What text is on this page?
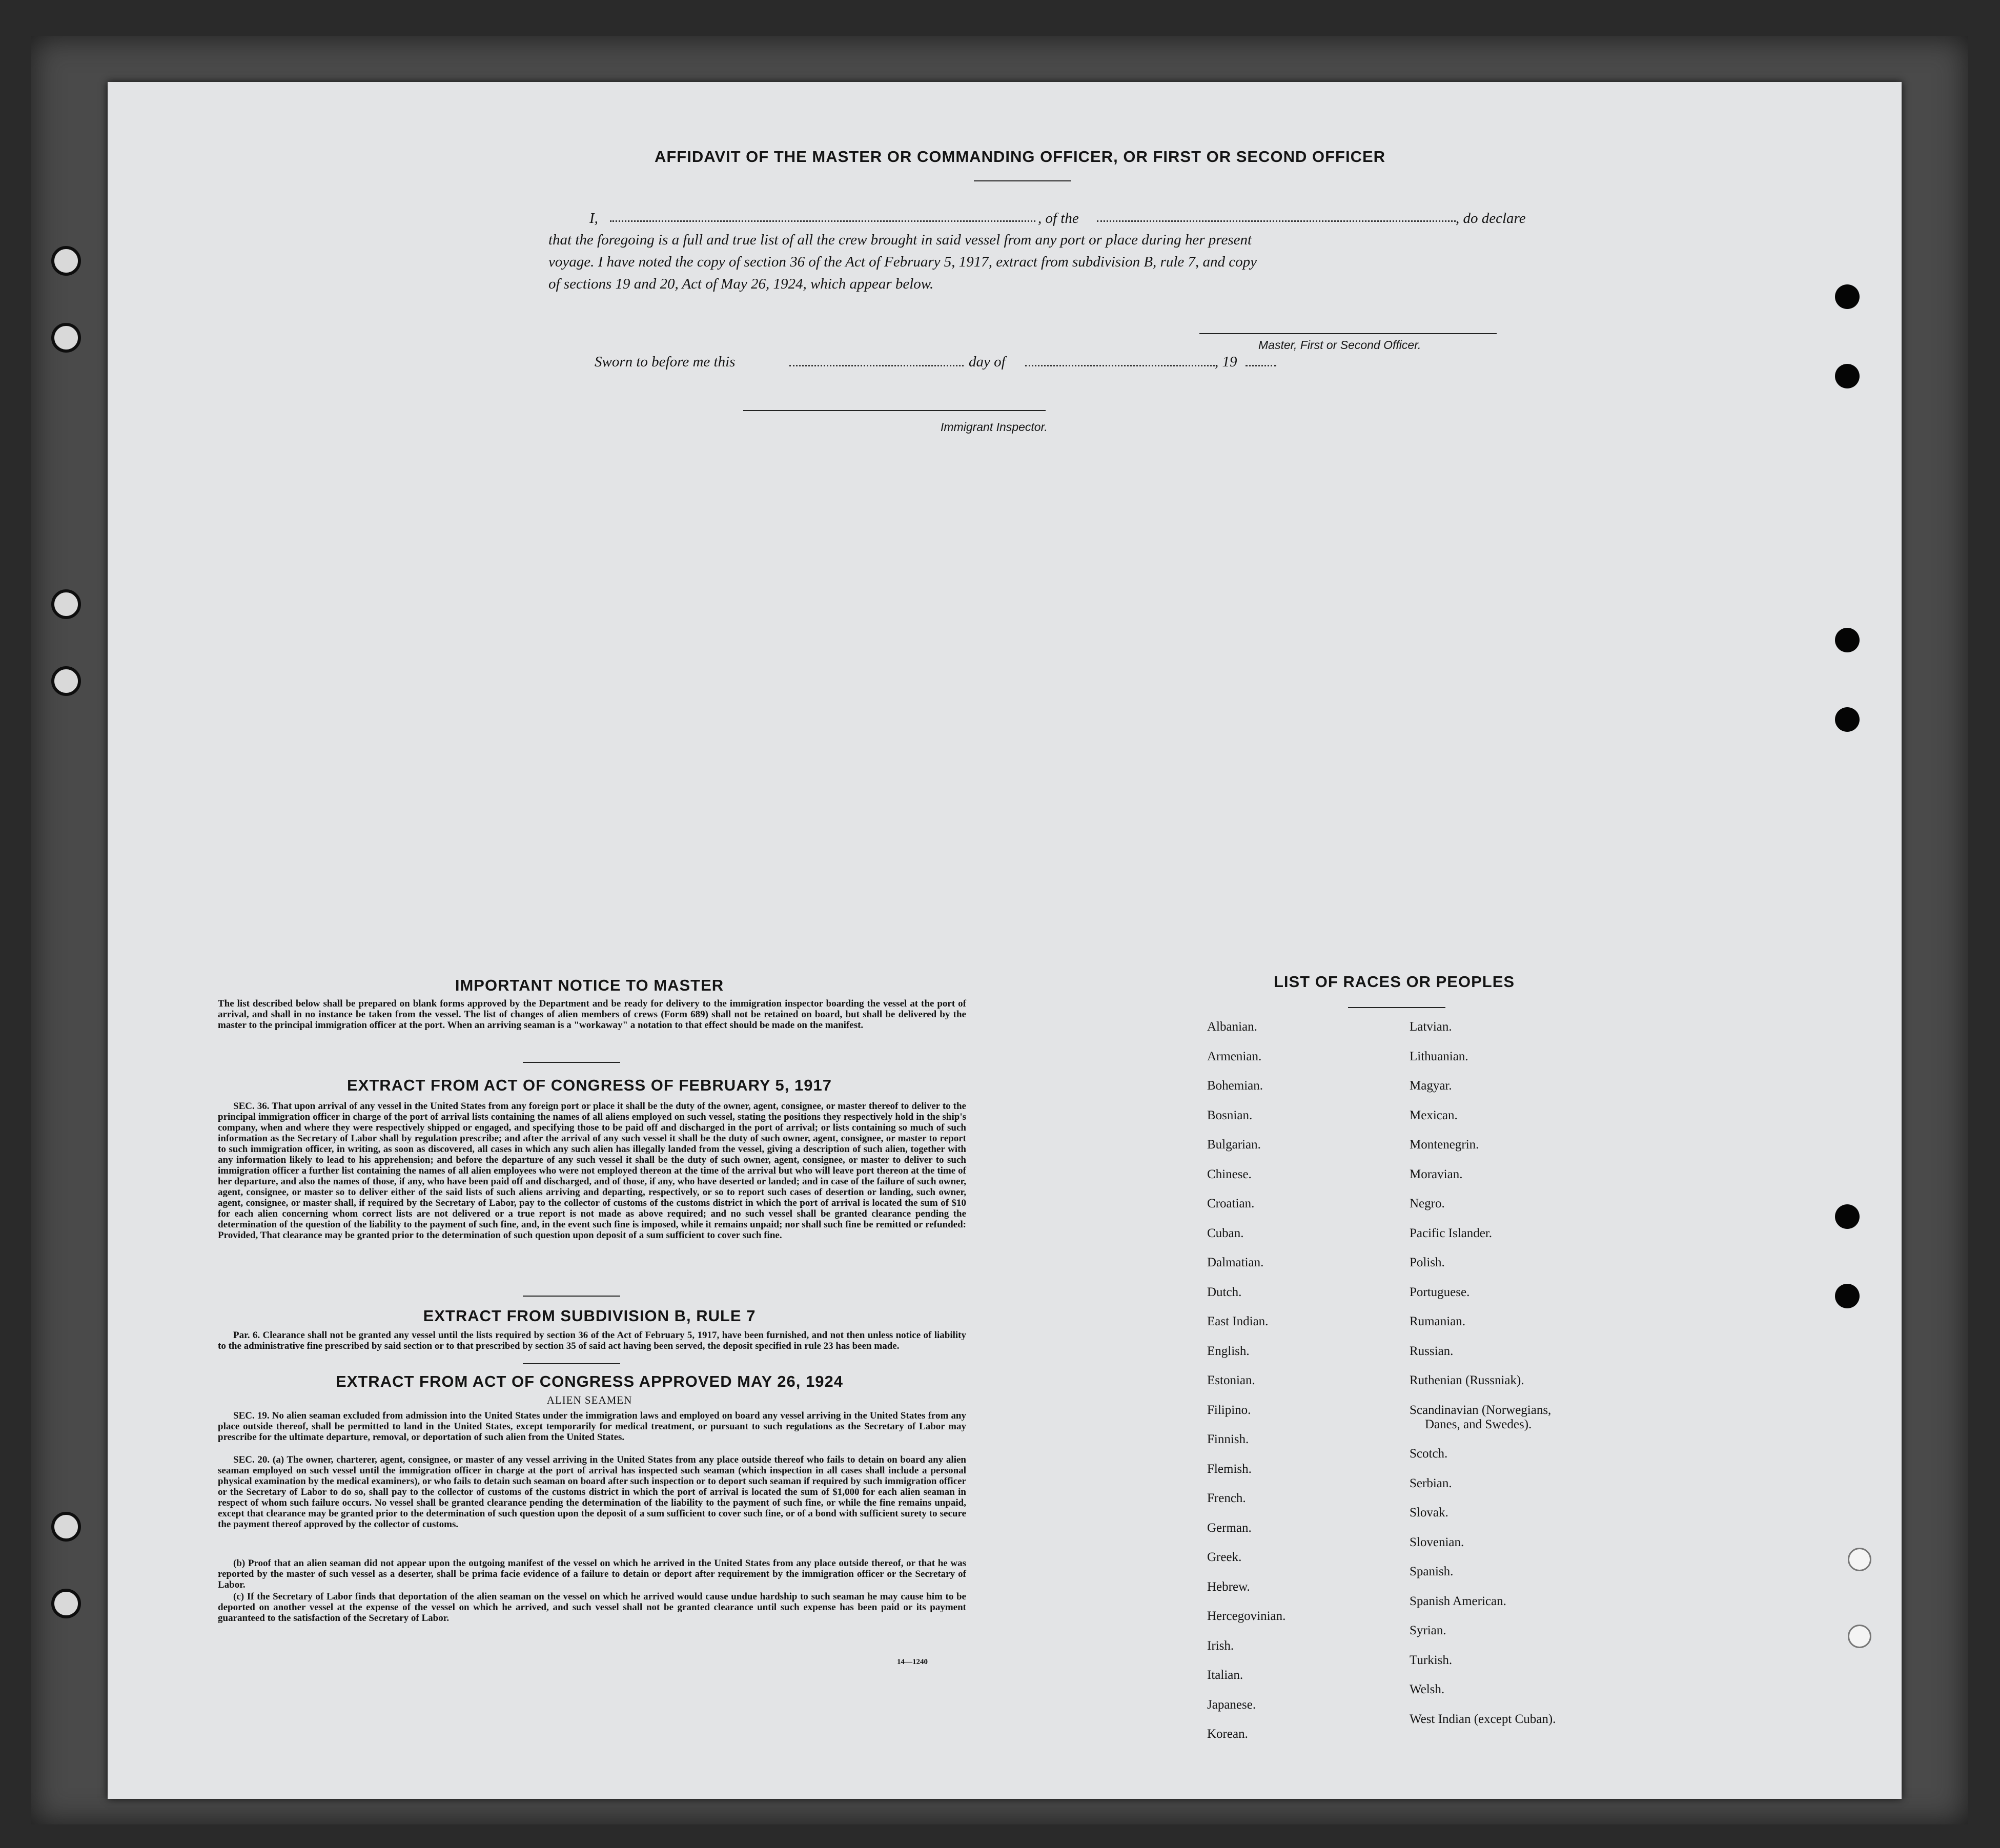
AFFIDAVIT OF THE MASTER OR COMMANDING OFFICER, OR FIRST OR SECOND OFFICER
I,	, of the	, do declare
that the foregoing is a full and true list of all the crew brought in said vessel from any port or place during her present
voyage. I have noted the copy of section 36 of the Act of February 5, 1917, extract from subdivision B, rule 7, and copy
of sections 19 and 20, Act of May 26, 1924, which appear below.
Master, First or Second Officer.
Sworn to before me this	day of	, 19
Immigrant Inspector.
IMPORTANT NOTICE TO MASTER
The list described below shall be prepared on blank forms approved by the Department and be ready for delivery to the immigration inspector boarding the vessel at the port of arrival, and shall in no instance be taken from the vessel. The list of changes of alien members of crews (Form 689) shall not be retained on board, but shall be delivered by the master to the principal immigration officer at the port. When an arriving seaman is a "workaway" a notation to that effect should be made on the manifest.
EXTRACT FROM ACT OF CONGRESS OF FEBRUARY 5, 1917
SEC. 36. That upon arrival of any vessel in the United States from any foreign port or place it shall be the duty of the owner, agent, consignee, or master thereof to deliver to the principal immigration officer in charge of the port of arrival lists containing the names of all aliens employed on such vessel, stating the positions they respectively hold in the ship's company, when and where they were respectively shipped or engaged, and specifying those to be paid off and discharged in the port of arrival; or lists containing so much of such information as the Secretary of Labor shall by regulation prescribe; and after the arrival of any such vessel it shall be the duty of such owner, agent, consignee, or master to report to such immigration officer, in writing, as soon as discovered, all cases in which any such alien has illegally landed from the vessel, giving a description of such alien, together with any information likely to lead to his apprehension; and before the departure of any such vessel it shall be the duty of such owner, agent, consignee, or master to deliver to such immigration officer a further list containing the names of all alien employees who were not employed thereon at the time of the arrival but who will leave port thereon at the time of her departure, and also the names of those, if any, who have been paid off and discharged, and of those, if any, who have deserted or landed; and in case of the failure of such owner, agent, consignee, or master so to deliver either of the said lists of such aliens arriving and departing, respectively, or so to report such cases of desertion or landing, such owner, agent, consignee, or master shall, if required by the Secretary of Labor, pay to the collector of customs of the customs district in which the port of arrival is located the sum of $10 for each alien concerning whom correct lists are not delivered or a true report is not made as above required; and no such vessel shall be granted clearance pending the determination of the question of the liability to the payment of such fine, and, in the event such fine is imposed, while it remains unpaid; nor shall such fine be remitted or refunded: Provided, That clearance may be granted prior to the determination of such question upon deposit of a sum sufficient to cover such fine.
EXTRACT FROM SUBDIVISION B, RULE 7
Par. 6. Clearance shall not be granted any vessel until the lists required by section 36 of the Act of February 5, 1917, have been furnished, and not then unless notice of liability to the administrative fine prescribed by said section or to that prescribed by section 35 of said act having been served, the deposit specified in rule 23 has been made.
EXTRACT FROM ACT OF CONGRESS APPROVED MAY 26, 1924
ALIEN SEAMEN
SEC. 19. No alien seaman excluded from admission into the United States under the immigration laws and employed on board any vessel arriving in the United States from any place outside thereof, shall be permitted to land in the United States, except temporarily for medical treatment, or pursuant to such regulations as the Secretary of Labor may prescribe for the ultimate departure, removal, or deportation of such alien from the United States.
SEC. 20. (a) The owner, charterer, agent, consignee, or master of any vessel arriving in the United States from any place outside thereof who fails to detain on board any alien seaman employed on such vessel until the immigration officer in charge at the port of arrival has inspected such seaman (which inspection in all cases shall include a personal physical examination by the medical examiners), or who fails to detain such seaman on board after such inspection or to deport such seaman if required by such immigration officer or the Secretary of Labor to do so, shall pay to the collector of customs of the customs district in which the port of arrival is located the sum of $1,000 for each alien seaman in respect of whom such failure occurs. No vessel shall be granted clearance pending the determination of the liability to the payment of such fine, or while the fine remains unpaid, except that clearance may be granted prior to the determination of such question upon the deposit of a sum sufficient to cover such fine, or of a bond with sufficient surety to secure the payment thereof approved by the collector of customs.
(b) Proof that an alien seaman did not appear upon the outgoing manifest of the vessel on which he arrived in the United States from any place outside thereof, or that he was reported by the master of such vessel as a deserter, shall be prima facie evidence of a failure to detain or deport after requirement by the immigration officer or the Secretary of Labor.
(c) If the Secretary of Labor finds that deportation of the alien seaman on the vessel on which he arrived would cause undue hardship to such seaman he may cause him to be deported on another vessel at the expense of the vessel on which he arrived, and such vessel shall not be granted clearance until such expense has been paid or its payment guaranteed to the satisfaction of the Secretary of Labor.
14—1240
LIST OF RACES OR PEOPLES
Albanian.
Armenian.
Bohemian.
Bosnian.
Bulgarian.
Chinese.
Croatian.
Cuban.
Dalmatian.
Dutch.
East Indian.
English.
Estonian.
Filipino.
Finnish.
Flemish.
French.
German.
Greek.
Hebrew.
Hercegovinian.
Irish.
Italian.
Japanese.
Korean.
Latvian.
Lithuanian.
Magyar.
Mexican.
Montenegrin.
Moravian.
Negro.
Pacific Islander.
Polish.
Portuguese.
Rumanian.
Russian.
Ruthenian (Russniak).
Scandinavian (Norwegians,
Danes, and Swedes).
Scotch.
Serbian.
Slovak.
Slovenian.
Spanish.
Spanish American.
Syrian.
Turkish.
Welsh.
West Indian (except Cuban).
